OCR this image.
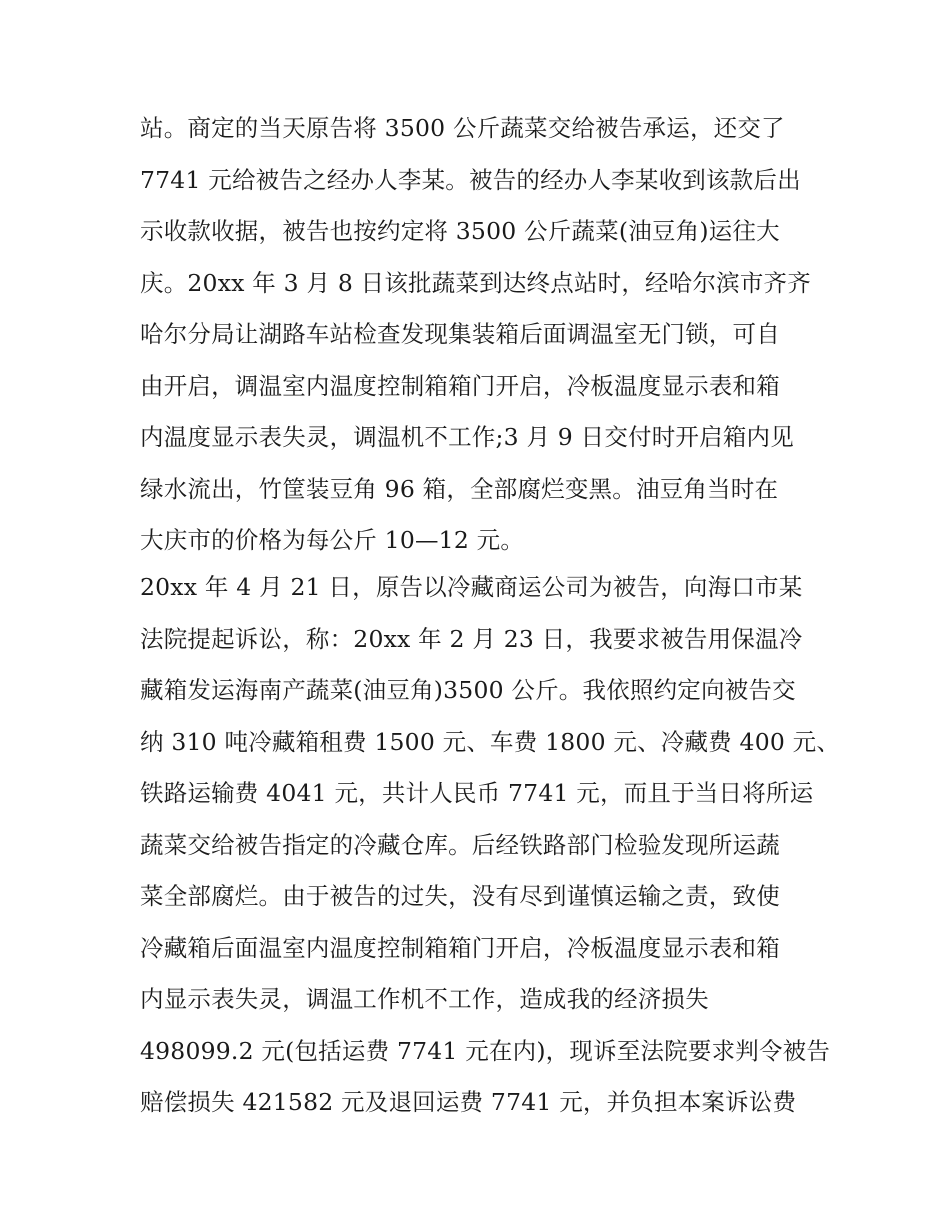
站。商定的当天原告将 3500 公斤蔬菜交给被告承运，还交了
7741 元给被告之经办人李某。被告的经办人李某收到该款后出
示收款收据，被告也按约定将 3500 公斤蔬菜(油豆角)运往大
庆。20xx 年 3 月 8 日该批蔬菜到达终点站时，经哈尔滨市齐齐
哈尔分局让湖路车站检查发现集装箱后面调温室无门锁，可自
由开启，调温室内温度控制箱箱门开启，冷板温度显示表和箱
内温度显示表失灵，调温机不工作;3 月 9 日交付时开启箱内见
绿水流出，竹筐装豆角 96 箱，全部腐烂变黑。油豆角当时在
大庆市的价格为每公斤 10—12 元。
20xx 年 4 月 21 日，原告以冷藏商运公司为被告，向海口市某
法院提起诉讼，称：20xx 年 2 月 23 日，我要求被告用保温冷
藏箱发运海南产蔬菜(油豆角)3500 公斤。我依照约定向被告交
纳 310 吨冷藏箱租费 1500 元、车费 1800 元、冷藏费 400 元、
铁路运输费 4041 元，共计人民币 7741 元，而且于当日将所运
蔬菜交给被告指定的冷藏仓库。后经铁路部门检验发现所运蔬
菜全部腐烂。由于被告的过失，没有尽到谨慎运输之责，致使
冷藏箱后面温室内温度控制箱箱门开启，冷板温度显示表和箱
内显示表失灵，调温工作机不工作，造成我的经济损失
498099.2 元(包括运费 7741 元在内)，现诉至法院要求判令被告
赔偿损失 421582 元及退回运费 7741 元，并负担本案诉讼费
